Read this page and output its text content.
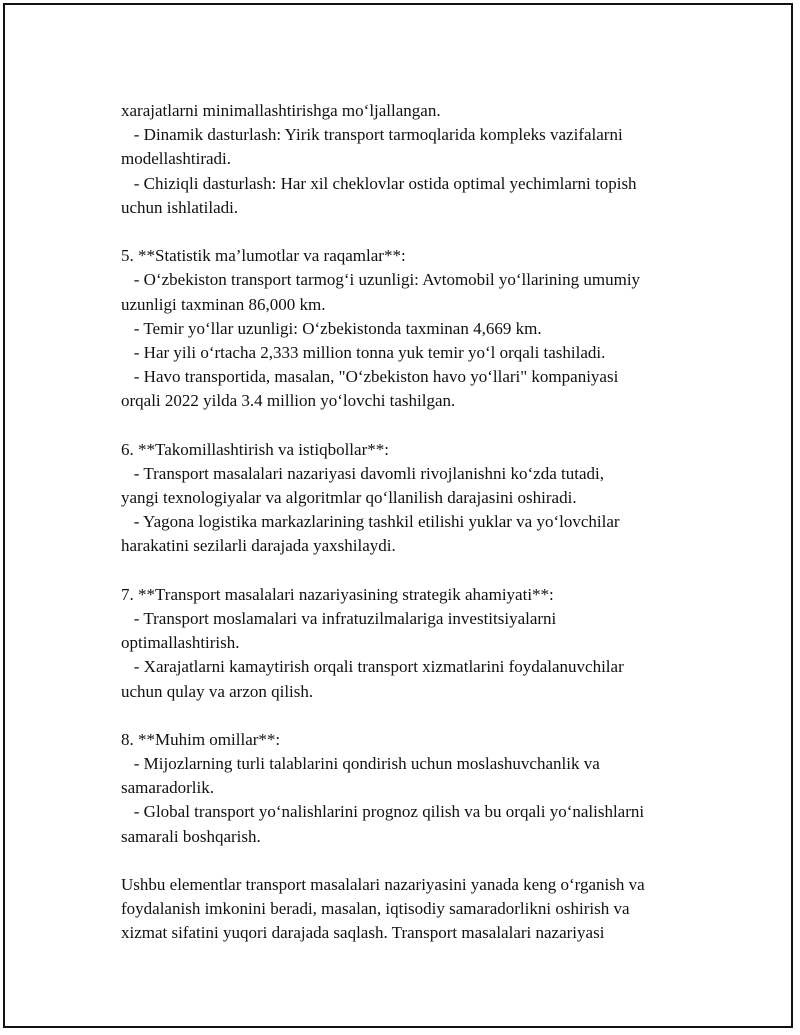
xarajatlarni minimallashtirishga mo‘ljallangan.
- Dinamik dasturlash: Yirik transport tarmoqlarida kompleks vazifalarni
modellashtiradi.
- Chiziqli dasturlash: Har xil cheklovlar ostida optimal yechimlarni topish
uchun ishlatiladi.
5. **Statistik ma’lumotlar va raqamlar**:
- O‘zbekiston transport tarmog‘i uzunligi: Avtomobil yo‘llarining umumiy
uzunligi taxminan 86,000 km.
- Temir yo‘llar uzunligi: O‘zbekistonda taxminan 4,669 km.
- Har yili o‘rtacha 2,333 million tonna yuk temir yo‘l orqali tashiladi.
- Havo transportida, masalan, "O‘zbekiston havo yo‘llari" kompaniyasi
orqali 2022 yilda 3.4 million yo‘lovchi tashilgan.
6. **Takomillashtirish va istiqbollar**:
- Transport masalalari nazariyasi davomli rivojlanishni ko‘zda tutadi,
yangi texnologiyalar va algoritmlar qo‘llanilish darajasini oshiradi.
- Yagona logistika markazlarining tashkil etilishi yuklar va yo‘lovchilar
harakatini sezilarli darajada yaxshilaydi.
7. **Transport masalalari nazariyasining strategik ahamiyati**:
- Transport moslamalari va infratuzilmalariga investitsiyalarni
optimallashtirish.
- Xarajatlarni kamaytirish orqali transport xizmatlarini foydalanuvchilar
uchun qulay va arzon qilish.
8. **Muhim omillar**:
- Mijozlarning turli talablarini qondirish uchun moslashuvchanlik va
samaradorlik.
- Global transport yo‘nalishlarini prognoz qilish va bu orqali yo‘nalishlarni
samarali boshqarish.
Ushbu elementlar transport masalalari nazariyasini yanada keng o‘rganish va
foydalanish imkonini beradi, masalan, iqtisodiy samaradorlikni oshirish va
xizmat sifatini yuqori darajada saqlash. Transport masalalari nazariyasi
